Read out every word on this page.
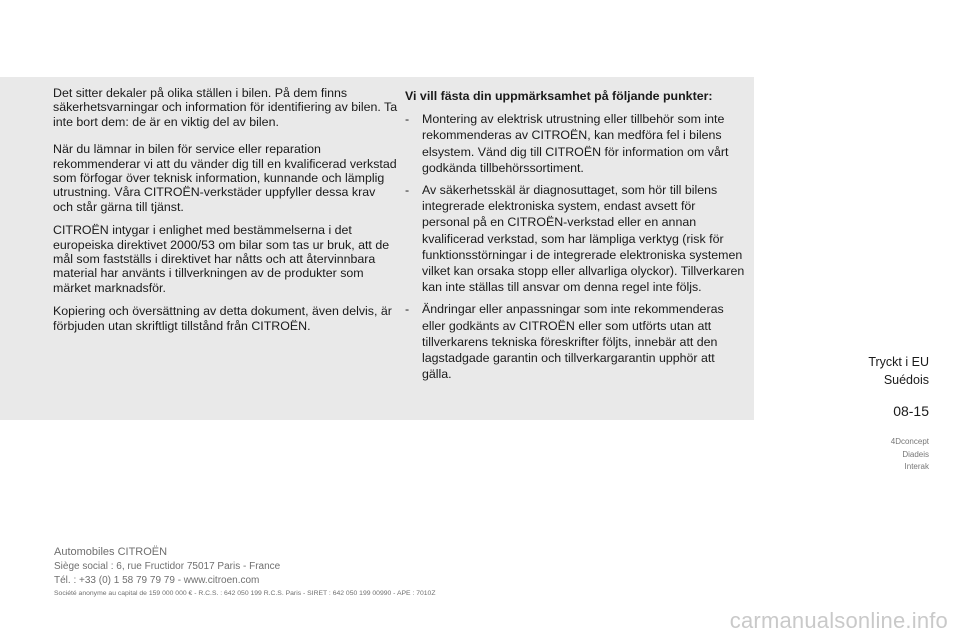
Det sitter dekaler på olika ställen i bilen. På dem finns säkerhetsvarningar och information för identifiering av bilen. Ta inte bort dem: de är en viktig del av bilen.

När du lämnar in bilen för service eller reparation rekommenderar vi att du vänder dig till en kvalificerad verkstad som förfogar över teknisk information, kunnande och lämplig utrustning. Våra CITROËN-verkstäder uppfyller dessa krav och står gärna till tjänst.

CITROËN intygar i enlighet med bestämmelserna i det europeiska direktivet 2000/53 om bilar som tas ur bruk, att de mål som fastställs i direktivet har nåtts och att återvinnbara material har använts i tillverkningen av de produkter som märket marknadsför.

Kopiering och översättning av detta dokument, även delvis, är förbjuden utan skriftligt tillstånd från CITROËN.

Vi vill fästa din uppmärksamhet på följande punkter:
- Montering av elektrisk utrustning eller tillbehör som inte rekommenderas av CITROËN, kan medföra fel i bilens elsystem. Vänd dig till CITROËN för information om vårt godkända tillbehörssortiment.
- Av säkerhetsskäl är diagnosuttaget, som hör till bilens integrerade elektroniska system, endast avsett för personal på en CITROËN-verkstad eller en annan kvalificerad verkstad, som har lämpliga verktyg (risk för funktionsstörningar i de integrerade elektroniska systemen vilket kan orsaka stopp eller allvarliga olyckor). Tillverkaren kan inte ställas till ansvar om denna regel inte följs.
- Ändringar eller anpassningar som inte rekommenderas eller godkänts av CITROËN eller som utförts utan att tillverkarens tekniska föreskrifter följts, innebär att den lagstadgade garantin och tillverkargarantin upphör att gälla.
Tryckt i EU
Suédois
08-15
4Dconcept
Diadeis
Interak
Automobiles CITROËN
Siège social : 6, rue Fructidor 75017 Paris - France
Tél. : +33 (0) 1 58 79 79 79 - www.citroen.com
Société anonyme au capital de 159 000 000 € - R.C.S. : 642 050 199 R.C.S. Paris - SIRET : 642 050 199 00990 - APE : 7010Z
carmanualsonline.info
